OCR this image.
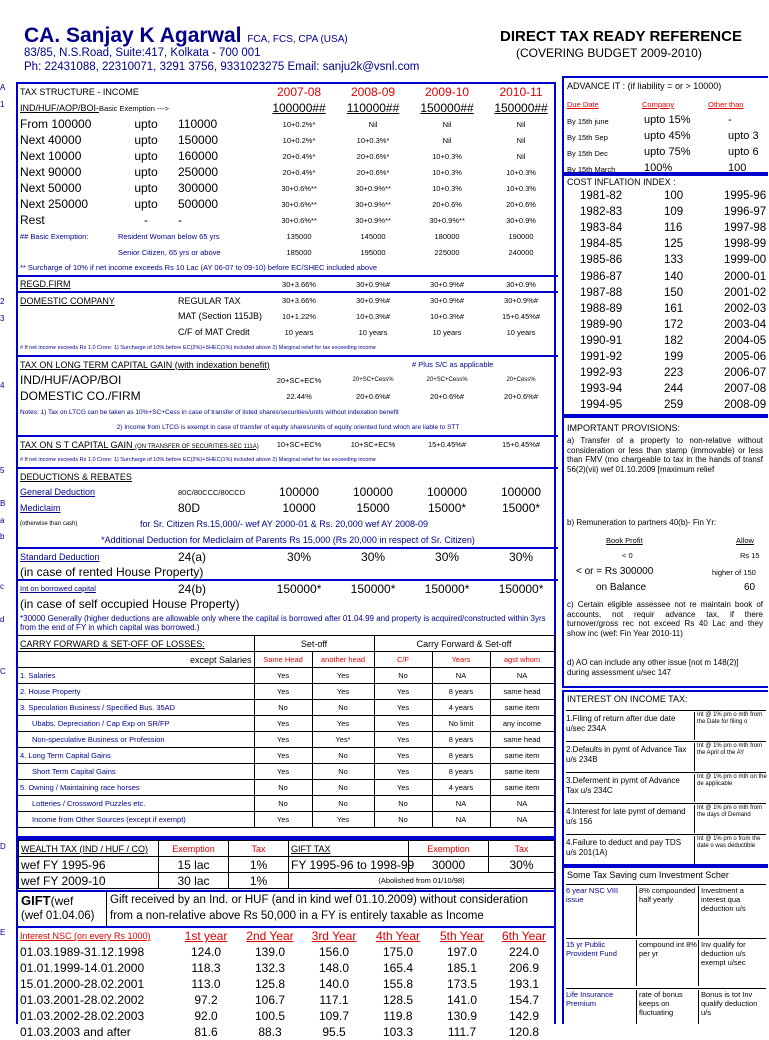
CA. Sanjay K Agarwal FCA, FCS, CPA (USA)
83/85, N.S.Road, Suite:417, Kolkata - 700 001
Ph: 22431088, 22310071, 3291 3756, 9331023275 Email: sanju2k@vsnl.com
DIRECT TAX READY REFERENCE
(COVERING BUDGET 2009-2010)
TAX STRUCTURE - INCOME			2007-08	2008-09	2009-10	2010-11
IND/HUF/AOP/BOI-Basic Exemption --->			100000##	110000##	150000##	150000##
From 100000	upto	110000	10+0.2%*	Nil	Nil	Nil
Next 40000	upto	150000	10+0.2%*	10+0.3%*	Nil	Nil
Next 10000	upto	160000	20+0.4%*	20+0.6%*	10+0.3%	Nil
Next 90000	upto	250000	20+0.4%*	20+0.6%*	10+0.3%	10+0.3%
Next 50000	upto	300000	30+0.6%**	30+0.9%**	10+0.3%	10+0.3%
Next 250000	upto	500000	30+0.6%**	30+0.9%**	20+0.6%	20+0.6%
Rest	-	-	30+0.6%**	30+0.9%**	30+0.9%**	30+0.9%
## Basic Exemption:	Resident Woman below 65 yrs		135000	145000	180000	190000
	Senior Citizen, 65 yrs or above		185000	195000	225000	240000
** Surcharge of 10% if net income exceeds Rs 10 Lac (AY 06-07 to 09-10) before EC/SHEC included above						
REGD.FIRM			30+3.66%	30+0.9%#	30+0.9%#	30+0.9%
DOMESTIC COMPANY		REGULAR TAX	30+3.66%	30+0.9%#	30+0.9%#	30+0.9%#
		MAT (Section 115JB)	10+1.22%	10+0.3%#	10+0.3%#	15+0.45%#
		C/F of MAT Credit	10 years	10 years	10 years	10 years
# If net income exceeds Rs 1.0 Crore: 1) Surcharge of 10% before EC(2%)+SHEC(1%) included above 2) Marginal relief for tax exceeding income						
TAX ON LONG TERM CAPITAL GAIN (with indexation benefit)					# Plus S/C as applicable	
IND/HUF/AOP/BOI			20+SC+EC%	20+SC+Cess%	20+SC+Cess%	20+Cess%
DOMESTIC CO./FIRM			22.44%	20+0.6%#	20+0.6%#	20+0.6%#
Notes: 1) Tax on LTCG can be taken as 10%+SC+Cess in case of transfer of listed shares/securities/units without indexation benefit						
2) Income from LTCG is exempt in case of transfer of equity shares/units of equity oriented fund which are liable to STT						
TAX ON S T CAPITAL GAIN (ON TRANSFER OF SECURITIES-SEC 111A)			10+SC+EC%	10+SC+EC%	15+0.45%#	15+0.45%#
# If net income exceeds Rs 1.0 Crore: 1) Surcharge of 10% before EC(2%)+SHEC(1%) included above 2) Marginal relief for tax exceeding income						
DEDUCTIONS & REBATES						
General Deduction		80C/80CCC/80CCD	100000	100000	100000	100000
Mediclaim		80D	10000	15000	15000*	15000*
(otherwise than cash)	for Sr. Citizen Rs.15,000/- wef AY 2000-01 & Rs. 20,000 wef AY 2008-09					
*Additional Deduction for Mediclaim of Parents Rs 15,000 (Rs 20,000 in respect of Sr. Citizen)						
Standard Deduction		24(a)	30%	30%	30%	30%
(in case of rented House Property)						
Int on borrowed capital		24(b)	150000*	150000*	150000*	150000*
(in case of self occupied House Property)						
*30000 Generally (higher deductions are allowable only where the capital is borrowed after 01.04.99 and property is acquired/constructed within 3yrs from the end of FY in which capital was borrowed.)						
CARRY FORWARD & SET-OFF OF LOSSES:	Set-off		Carry Forward & Set-off		
except Salaries	Same Head	another head	C/F	Years	agst whom
1. Salaries	Yes	Yes	No	NA	NA
2. House Property	Yes	Yes	Yes	8 years	same head
3. Speculation Business / Specified Bus. 35AD	No	No	Yes	4 years	same item
Ubabs. Depreciation / Cap Exp on SR/FP	Yes	Yes	Yes	No limit	any income
Non-speculative Business or Profession	Yes	Yes*	Yes	8 years	same head
4. Long Term Capital Gains	Yes	No	Yes	8 years	same item
Short Term Capital Gains	Yes	No	Yes	8 years	same item
5. Owning / Maintaining race horses	No	No	Yes	4 years	same item
Lotteries / Crossword Puzzles etc.	No	No	No	NA	NA
Income from Other Sources (except if exempt)	Yes	Yes	No	NA	NA
WEALTH TAX (IND / HUF / CO)	Exemption	Tax	GIFT TAX	Exemption	Tax
wef FY 1995-96	15 lac	1%	FY 1995-96 to 1998-99	30000	30%
wef FY 2009-10	30 lac	1%	(Abolished from 01/10/98)		
GIFT(wef
(wef 01.04.06)
Gift received by an Ind. or HUF (and in kind wef 01.10.2009) without consideration
from a non-relative above Rs 50,000 in a FY is entirely taxable as Income
Interest NSC (on every Rs 1000)	1st year	2nd Year	3rd Year	4th Year	5th Year	6th Year
01.03.1989-31.12.1998	124.0	139.0	156.0	175.0	197.0	224.0
01.01.1999-14.01.2000	118.3	132.3	148.0	165.4	185.1	206.9
15.01.2000-28.02.2001	113.0	125.8	140.0	155.8	173.5	193.1
01.03.2001-28.02.2002	97.2	106.7	117.1	128.5	141.0	154.7
01.03.2002-28.02.2003	92.0	100.5	109.7	119.8	130.9	142.9
01.03.2003 and after	81.6	88.3	95.5	103.3	111.7	120.8
A
1
2
3
4
5
B
a
b
c
d
C
D
E
ADVANCE IT : (if liability = or > 10000)
Due Date	Company	Other than
By 15th june	upto 15%	-
By 15th Sep	upto 45%	upto 3
By 15th Dec	upto 75%	upto 6
By 15th March	100%	100
COST INFLATION INDEX :
1981-82	100	1995-96
1982-83	109	1996-97
1983-84	116	1997-98
1984-85	125	1998-99
1985-86	133	1999-00
1986-87	140	2000-01
1987-88	150	2001-02
1988-89	161	2002-03
1989-90	172	2003-04
1990-91	182	2004-05
1991-92	199	2005-06
1992-93	223	2006-07
1993-94	244	2007-08
1994-95	259	2008-09
IMPORTANT PROVISIONS:
a) Transfer of a property to non-relative without consideration or less than stamp (immovable) or less than FMV (mo chargeable to tax in the hands of transf 56(2)(vii) wef 01.10.2009 [maximum relief
b) Remuneration to partners 40(b)- Fin Yr:
Book Profit	Allow
< 0	Rs 15
< or = Rs 300000	higher of 150
on Balance	60
c) Certain eligible assessee not re maintain book of accounts, not requir advance tax, if there turnover/gross rec not exceed Rs 40 Lac and they show inc (wef: Fin Year 2010-11)
d) AO can include any other issue [not m 148(2)] during assessment u/sec 147
INTEREST ON INCOME TAX:
1.Filing of return after due date u/sec 234A
Int @ 1% pm o mth from the Date for filing o
2.Defaults in pymt of Advance Tax u/s 234B
Int @ 1% pm o mth from the April of the AY
3.Deferment in pymt of Advance Tax u/s 234C
Int @ 1% pm o mth on the de applicable
4.Interest for late pymt of demand u/s 156
Int @ 1% pm o mth from the days of Demand
4.Failure to deduct and pay TDS u/s 201(1A)
Int @ 1% pm o from the date o was deductible
Some Tax Saving cum Investment Scher
6 year NSC VIII issue
8% compounded half yearly
Investment a interest qua deduction u/s
15 yr Public Provident Fund
compound int 8% per yr
Inv qualify for deduction u/s exempt u/sec
Life Insurance Premium
rate of bonus keeps on fluctuating
Bonus is tot Inv qualify deduction u/s
